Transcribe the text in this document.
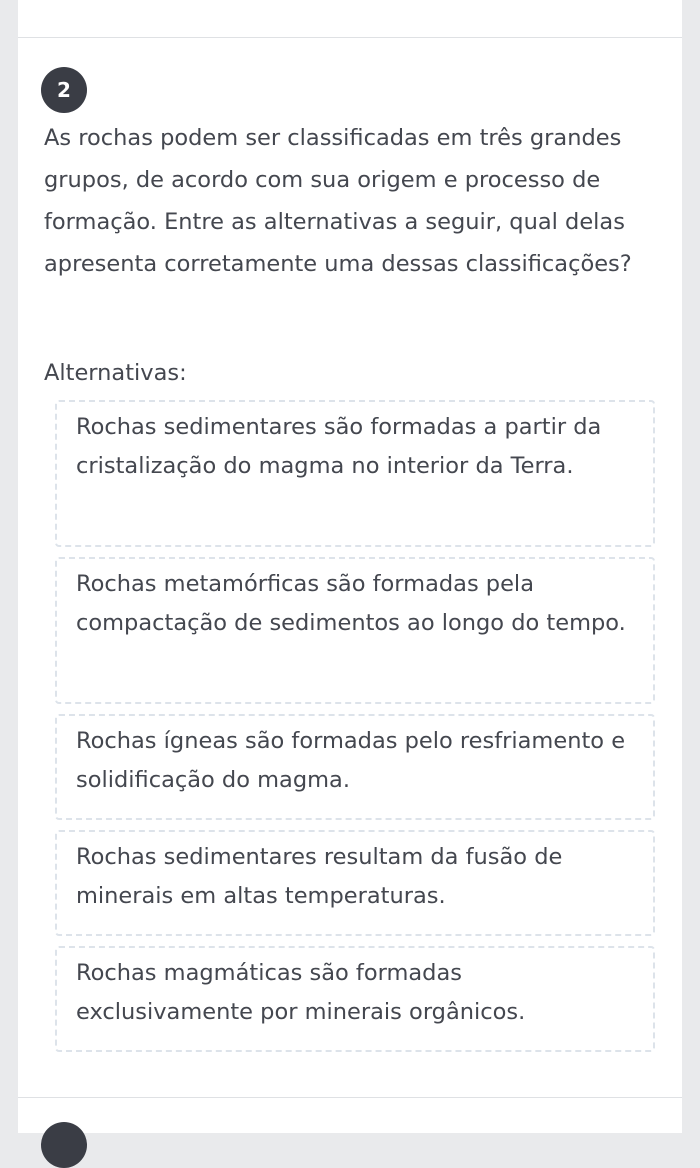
2

As rochas podem ser classificadas em três grandes grupos, de acordo com sua origem e processo de formação. Entre as alternativas a seguir, qual delas apresenta corretamente uma dessas classificações?

Alternativas:
Rochas sedimentares são formadas a partir da cristalização do magma no interior da Terra.
Rochas metamórficas são formadas pela compactação de sedimentos ao longo do tempo.
Rochas ígneas são formadas pelo resfriamento e solidificação do magma.
Rochas sedimentares resultam da fusão de minerais em altas temperaturas.
Rochas magmáticas são formadas exclusivamente por minerais orgânicos.
